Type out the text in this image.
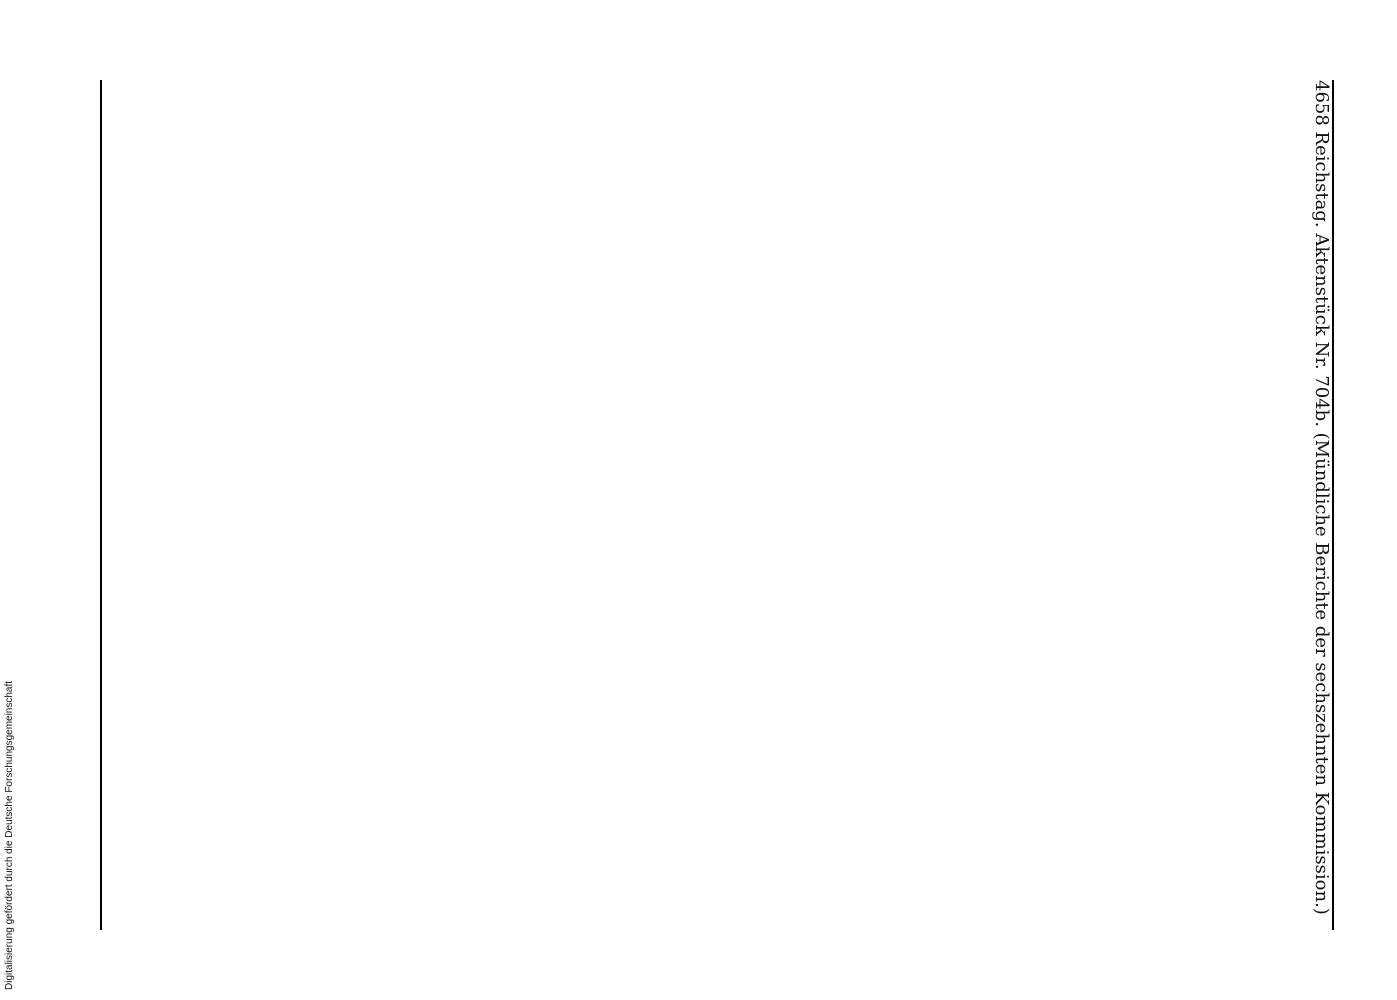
Digitalisierung gefördert durch die Deutsche Forschungsgemeinschaft
4658 Reichstag. Aktenstück Nr. 704b. (Mündliche Berichte der sechszehnten Kommission.)
